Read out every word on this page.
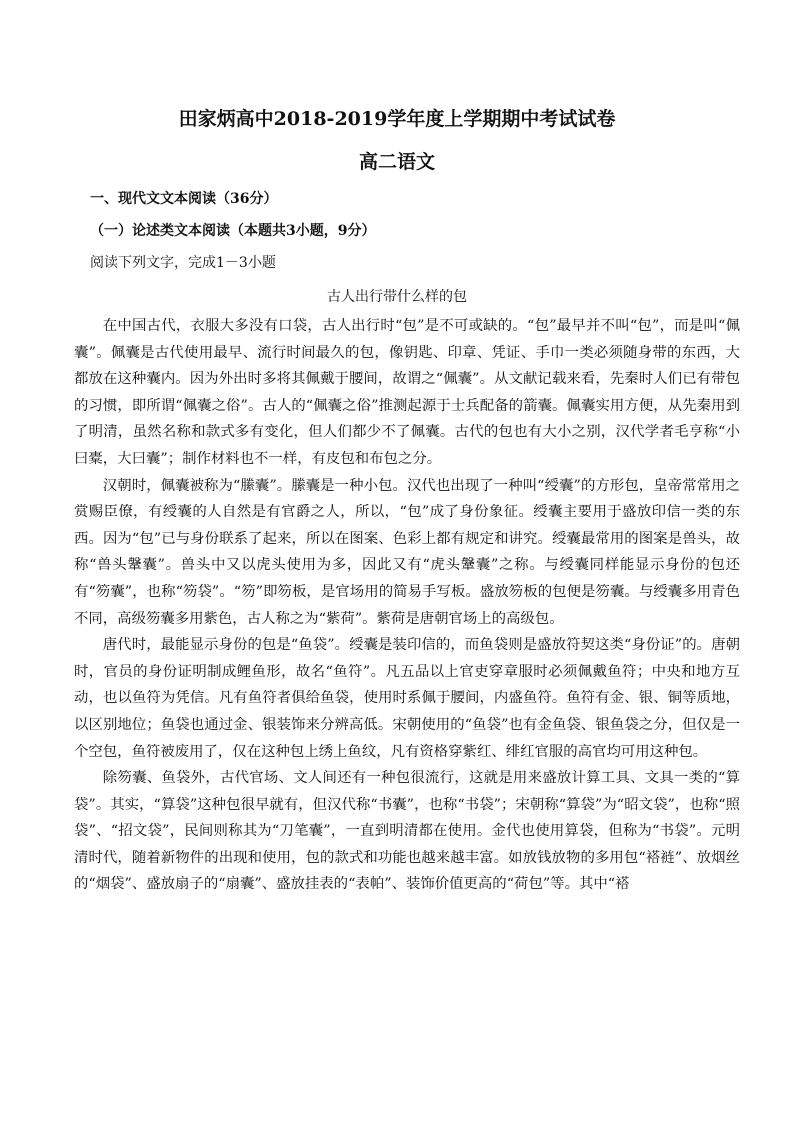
田家炳高中2018-2019学年度上学期期中考试试卷
高二语文
一、现代文文本阅读（36分）
（一）论述类文本阅读（本题共3小题，9分）
阅读下列文字，完成1－3小题
古人出行带什么样的包

在中国古代，衣服大多没有口袋，古人出行时“包”是不可或缺的。“包”最早并不叫“包”，而是叫“佩囊”。佩囊是古代使用最早、流行时间最久的包，像钥匙、印章、凭证、手巾一类必须随身带的东西，大都放在这种囊内。因为外出时多将其佩戴于腰间，故谓之“佩囊”。从文献记载来看，先秦时人们已有带包的习惯，即所谓“佩囊之俗”。古人的“佩囊之俗”推测起源于士兵配备的箭囊。佩囊实用方便，从先秦用到了明清，虽然名称和款式多有变化，但人们都少不了佩囊。古代的包也有大小之别，汉代学者毛亨称“小曰橐，大曰囊”；制作材料也不一样，有皮包和布包之分。

汉朝时，佩囊被称为“縢囊”。縢囊是一种小包。汉代也出现了一种叫“绶囊”的方形包，皇帝常常用之赏赐臣僚，有绶囊的人自然是有官爵之人，所以，“包”成了身份象征。绶囊主要用于盛放印信一类的东西。因为“包”已与身份联系了起来，所以在图案、色彩上都有规定和讲究。绶囊最常用的图案是兽头，故称“兽头鞶囊”。兽头中又以虎头使用为多，因此又有“虎头鞶囊”之称。与绶囊同样能显示身份的包还有“笏囊”，也称“笏袋”。“笏”即笏板，是官场用的简易手写板。盛放笏板的包便是笏囊。与绶囊多用青色不同，高级笏囊多用紫色，古人称之为“紫荷”。紫荷是唐朝官场上的高级包。

唐代时，最能显示身份的包是“鱼袋”。绶囊是装印信的，而鱼袋则是盛放符契这类“身份证”的。唐朝时，官员的身份证明制成鲤鱼形，故名“鱼符”。凡五品以上官吏穿章服时必须佩戴鱼符；中央和地方互动，也以鱼符为凭信。凡有鱼符者俱给鱼袋，使用时系佩于腰间，内盛鱼符。鱼符有金、银、铜等质地，以区别地位；鱼袋也通过金、银装饰来分辨高低。宋朝使用的“鱼袋”也有金鱼袋、银鱼袋之分，但仅是一个空包，鱼符被废用了，仅在这种包上绣上鱼纹，凡有资格穿紫红、绯红官服的高官均可用这种包。

除笏囊、鱼袋外，古代官场、文人间还有一种包很流行，这就是用来盛放计算工具、文具一类的“算袋”。其实，“算袋”这种包很早就有，但汉代称“书囊”，也称“书袋”；宋朝称“算袋”为“昭文袋”，也称“照袋”、“招文袋”，民间则称其为“刀笔囊”，一直到明清都在使用。金代也使用算袋，但称为“书袋”。元明清时代，随着新物件的出现和使用，包的款式和功能也越来越丰富。如放钱放物的多用包“褡裢”、放烟丝的“烟袋”、盛放扇子的“扇囊”、盛放挂表的“表帕”、装饰价值更高的“荷包”等。其中“褡
